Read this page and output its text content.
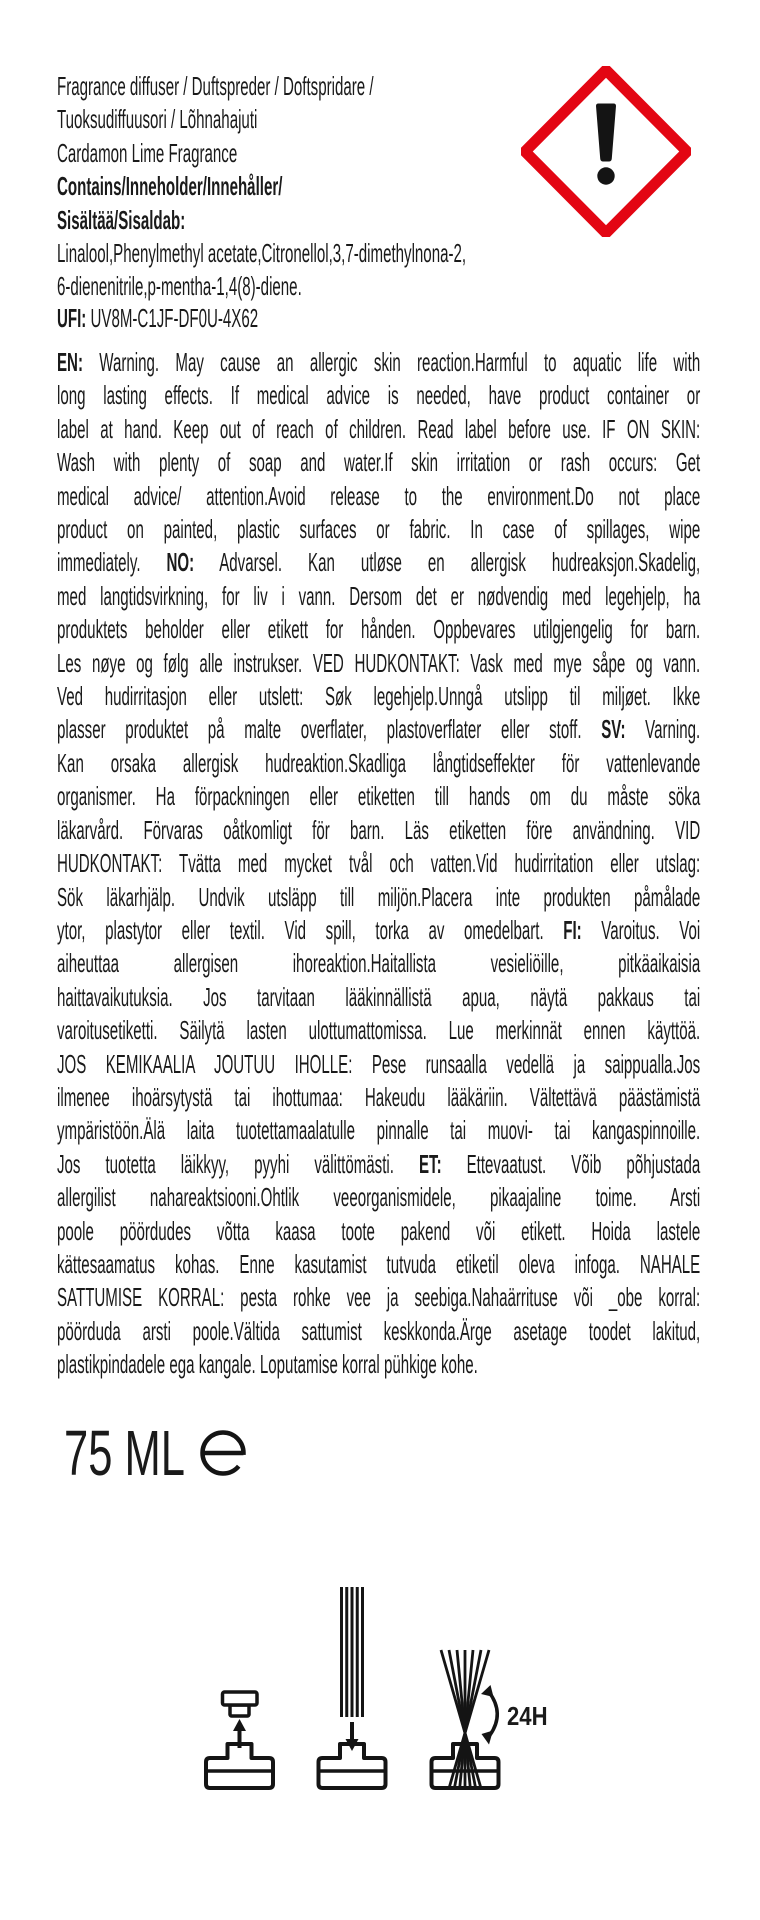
Fragrance diffuser / Duftspreder / Doftspridare /
Tuoksudiffuusori / Lõhnahajuti
Cardamon Lime Fragrance
Contains/Inneholder/Innehåller/
Sisältää/Sisaldab:
Linalool,Phenylmethyl acetate,Citronellol,3,7-dimethylnona-2,
6-dienenitrile,p-mentha-1,4(8)-diene.
UFI: UV8M-C1JF-DF0U-4X62
EN: Warning. May cause an allergic skin reaction.Harmful to aquatic life with
long lasting effects. If medical advice is needed, have product container or
label at hand. Keep out of reach of children. Read label before use. IF ON SKIN:
Wash with plenty of soap and water.If skin irritation or rash occurs: Get
medical advice/ attention.Avoid release to the environment.Do not place
product on painted, plastic surfaces or fabric. In case of spillages, wipe
immediately. NO: Advarsel. Kan utløse en allergisk hudreaksjon.Skadelig,
med langtidsvirkning, for liv i vann. Dersom det er nødvendig med legehjelp, ha
produktets beholder eller etikett for hånden. Oppbevares utilgjengelig for barn.
Les nøye og følg alle instrukser. VED HUDKONTAKT: Vask med mye såpe og vann.
Ved hudirritasjon eller utslett: Søk legehjelp.Unngå utslipp til miljøet. Ikke
plasser produktet på malte overflater, plastoverflater eller stoff. SV: Varning.
Kan orsaka allergisk hudreaktion.Skadliga långtidseffekter för vattenlevande
organismer. Ha förpackningen eller etiketten till hands om du måste söka
läkarvård. Förvaras oåtkomligt för barn. Läs etiketten före användning. VID
HUDKONTAKT: Tvätta med mycket tvål och vatten.Vid hudirritation eller utslag:
Sök läkarhjälp. Undvik utsläpp till miljön.Placera inte produkten påmålade
ytor, plastytor eller textil. Vid spill, torka av omedelbart. FI: Varoitus. Voi
aiheuttaa allergisen ihoreaktion.Haitallista vesieliöille, pitkäaikaisia
haittavaikutuksia. Jos tarvitaan lääkinnällistä apua, näytä pakkaus tai
varoitusetiketti. Säilytä lasten ulottumattomissa. Lue merkinnät ennen käyttöä.
JOS KEMIKAALIA JOUTUU IHOLLE: Pese runsaalla vedellä ja saippualla.Jos
ilmenee ihoärsytystä tai ihottumaa: Hakeudu lääkäriin. Vältettävä päästämistä
ympäristöön.Älä laita tuotettamaalatulle pinnalle tai muovi- tai kangaspinnoille.
Jos tuotetta läikkyy, pyyhi välittömästi. ET: Ettevaatust. Võib põhjustada
allergilist nahareaktsiooni.Ohtlik veeorganismidele, pikaajaline toime. Arsti
poole pöördudes võtta kaasa toote pakend või etikett. Hoida lastele
kättesaamatus kohas. Enne kasutamist tutvuda etiketil oleva infoga. NAHALE
SATTUMISE KORRAL: pesta rohke vee ja seebiga.Nahaärrituse või _obe korral:
pöörduda arsti poole.Vältida sattumist keskkonda.Ärge asetage toodet lakitud,
plastikpindadele ega kangale. Loputamise korral pühkige kohe.
75 ML
24H
